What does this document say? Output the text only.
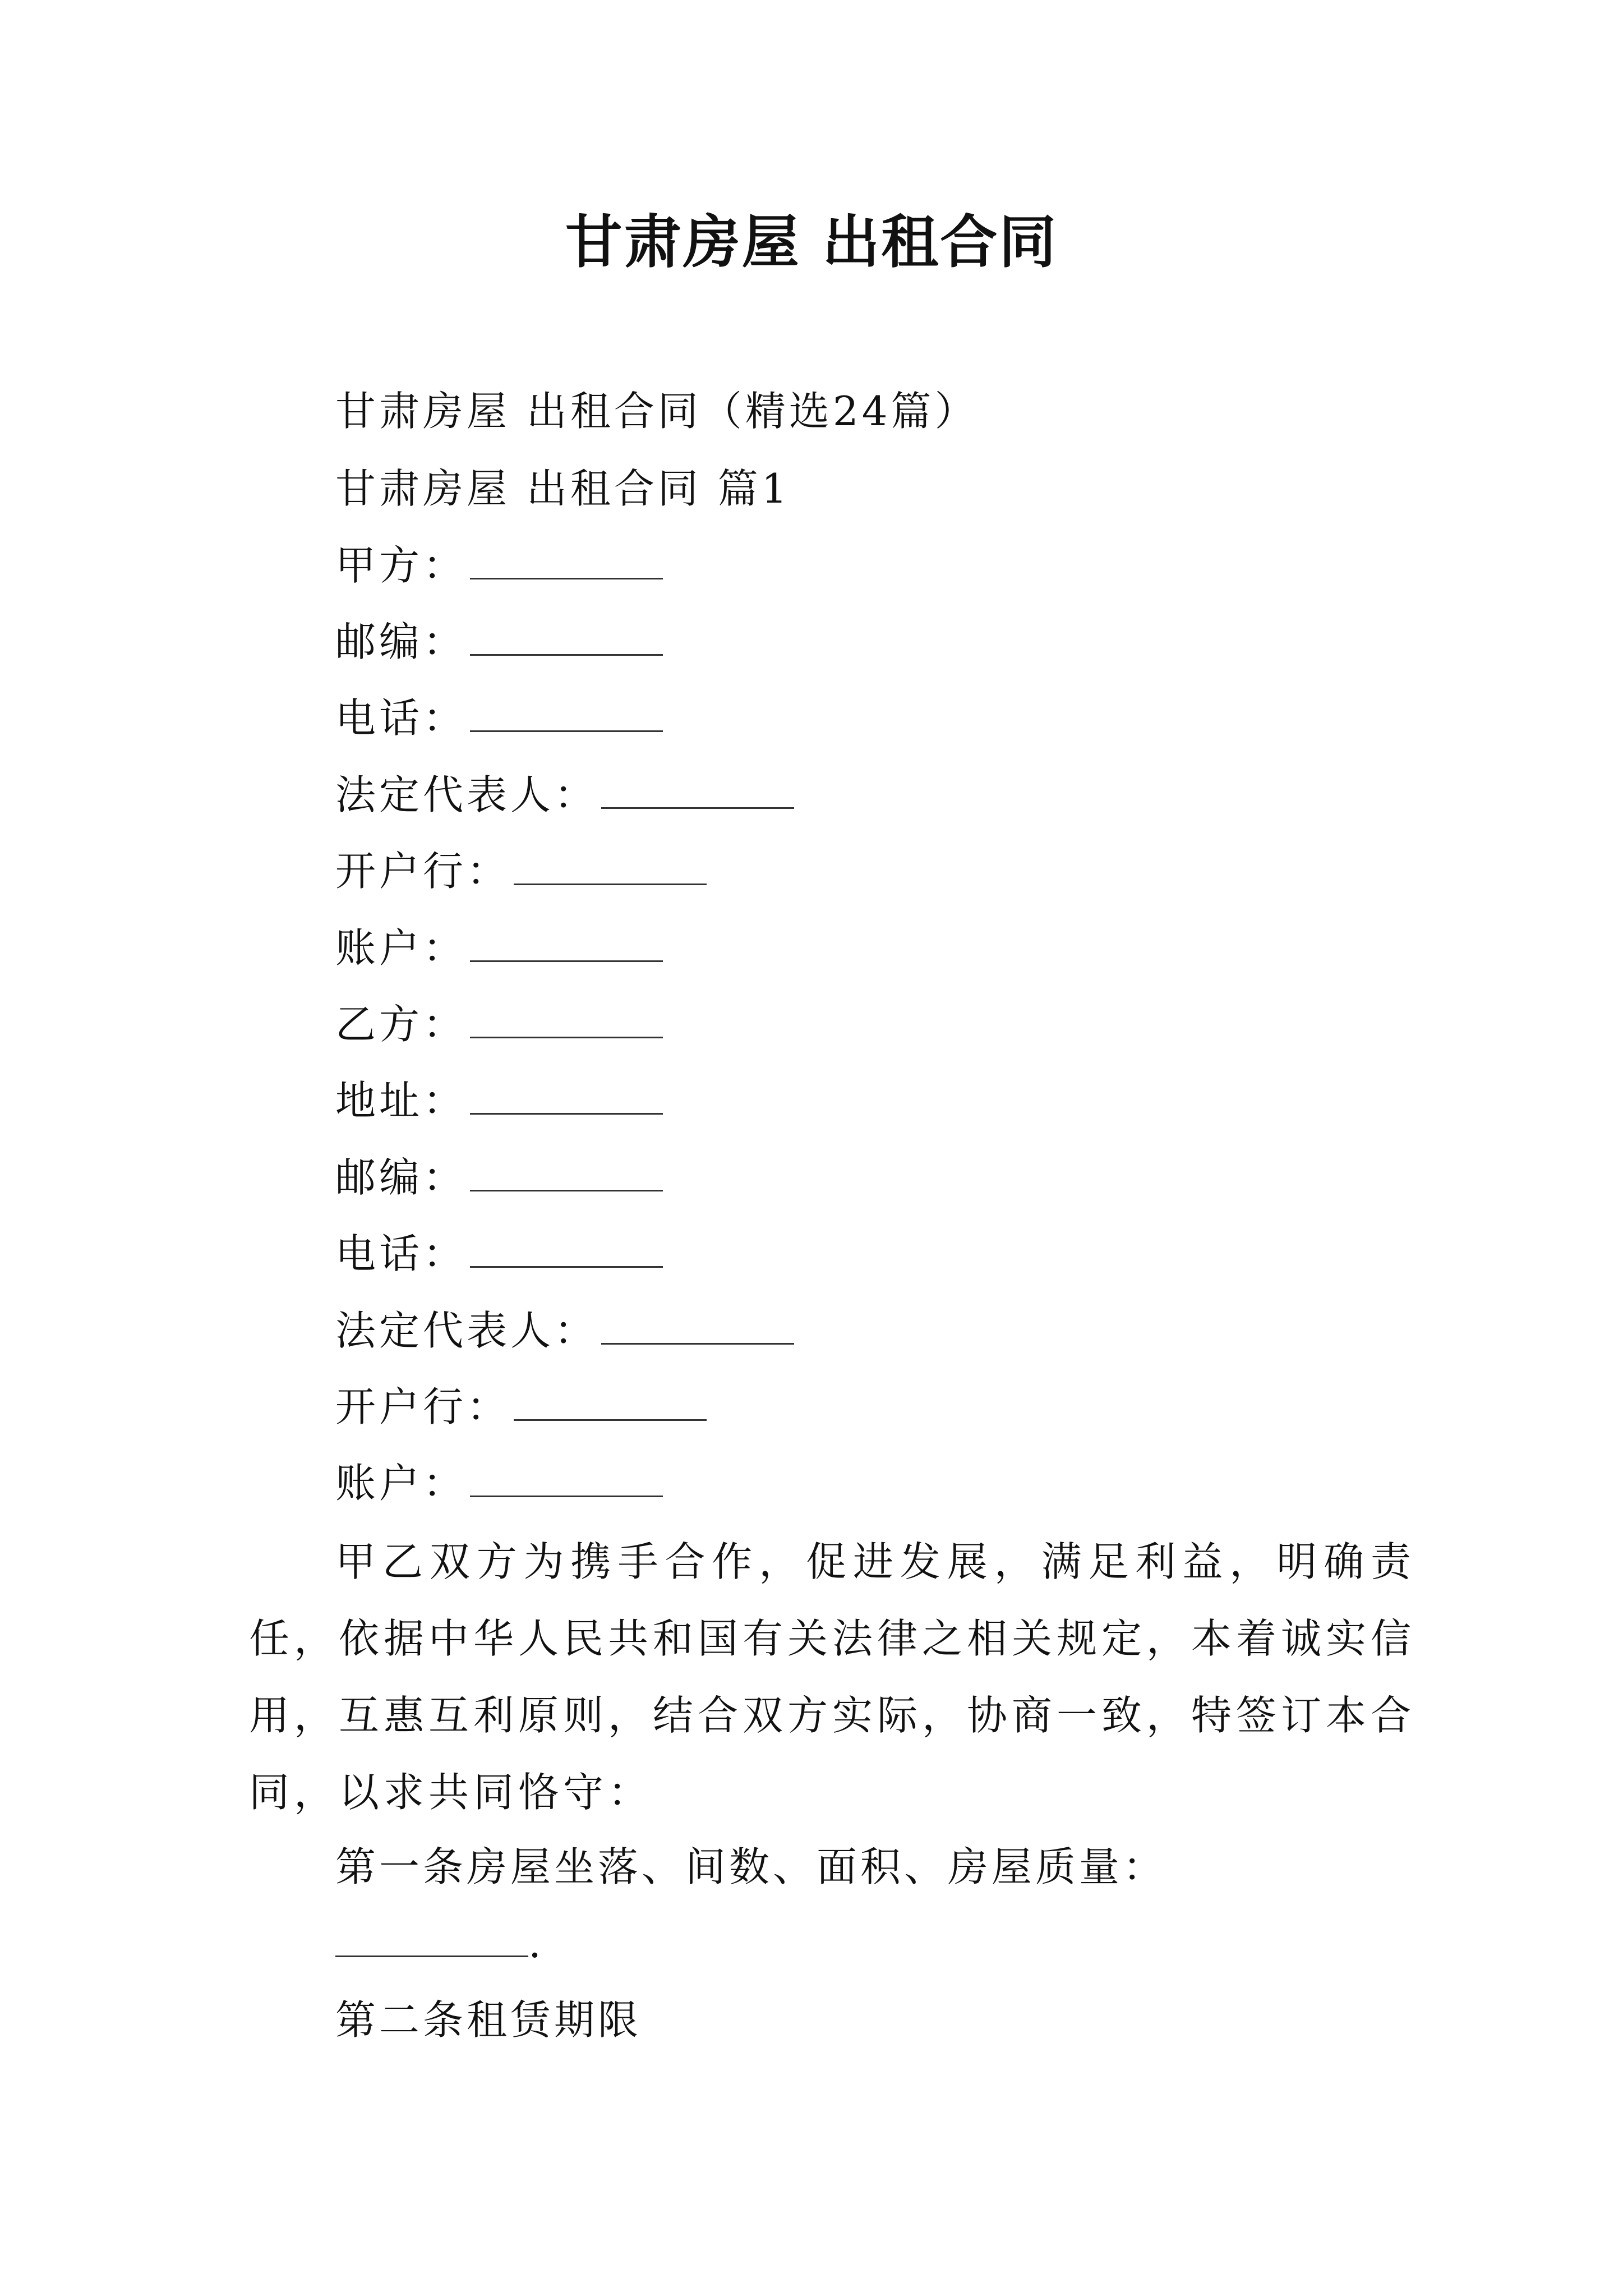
甘肃房屋 出租合同
甘肃房屋 出租合同（精选24篇）
甘肃房屋 出租合同 篇1
甲方：
邮编：
电话：
法定代表人：
开户行：
账户：
乙方：
地址：
邮编：
电话：
法定代表人：
开户行：
账户：
甲乙双方为携手合作，促进发展，满足利益，明确责任，依据中华人民共和国有关法律之相关规定，本着诚实信用，互惠互利原则，结合双方实际，协商一致，特签订本合同，以求共同恪守：
第一条房屋坐落、间数、面积、房屋质量：
.
第二条租赁期限
